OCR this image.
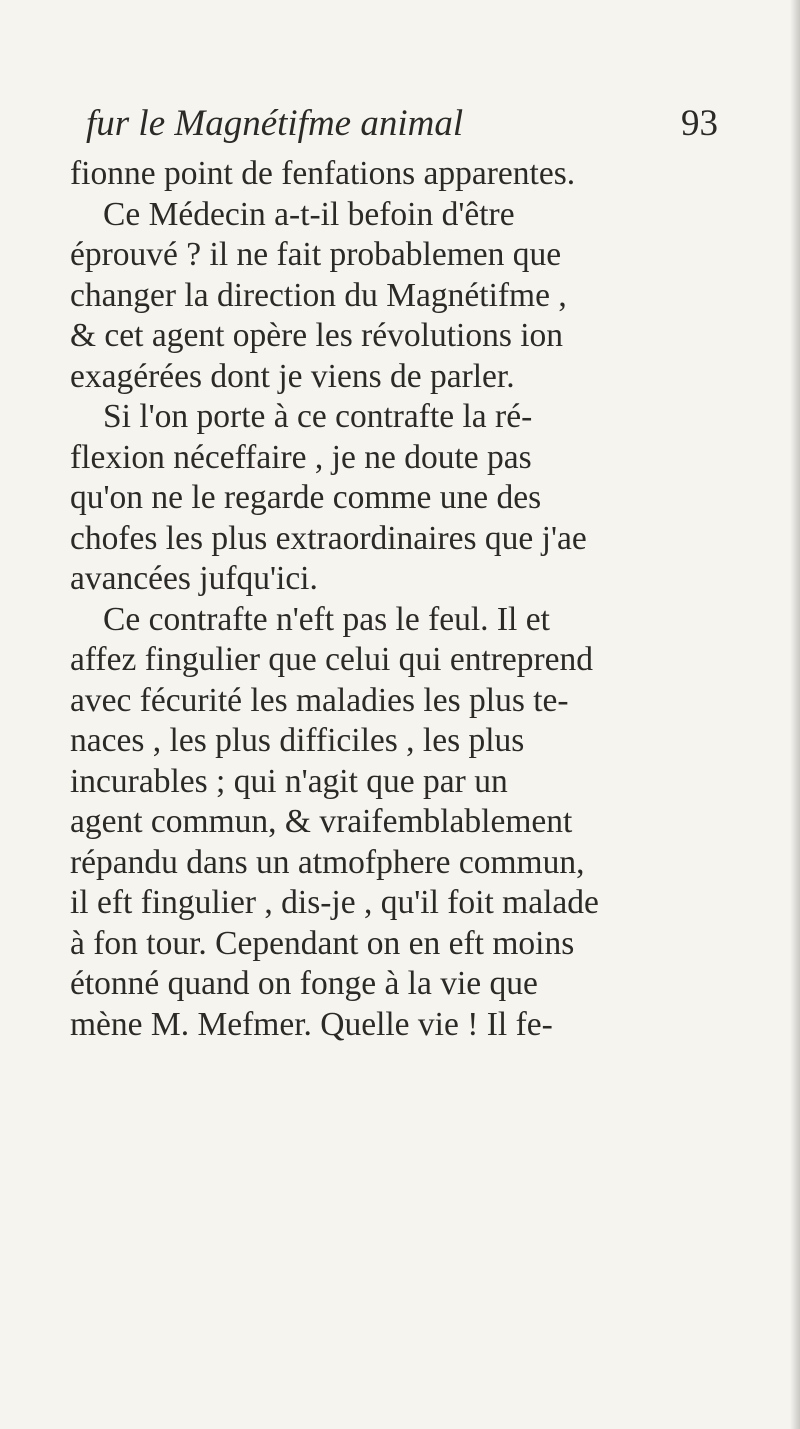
fur le Magnétifme animal	93
fionne point de fenfations apparentes.
Ce Médecin a-t-il befoin d'être
éprouvé ? il ne fait probablemen que
changer la direction du Magnétifme ,
& cet agent opère les révolutions ion
exagérées dont je viens de parler.
Si l'on porte à ce contrafte la ré-
flexion néceffaire , je ne doute pas
qu'on ne le regarde comme une des
chofes les plus extraordinaires que j'ae
avancées jufqu'ici.
Ce contrafte n'eft pas le feul. Il et
affez fingulier que celui qui entreprend
avec fécurité les maladies les plus te-
naces , les plus difficiles , les plus
incurables ; qui n'agit que par un
agent commun, & vraifemblablement
répandu dans un atmofphere commun,
il eft fingulier , dis-je , qu'il foit malade
à fon tour. Cependant on en eft moins
étonné quand on fonge à la vie que
mène M. Mefmer. Quelle vie ! Il fe-
